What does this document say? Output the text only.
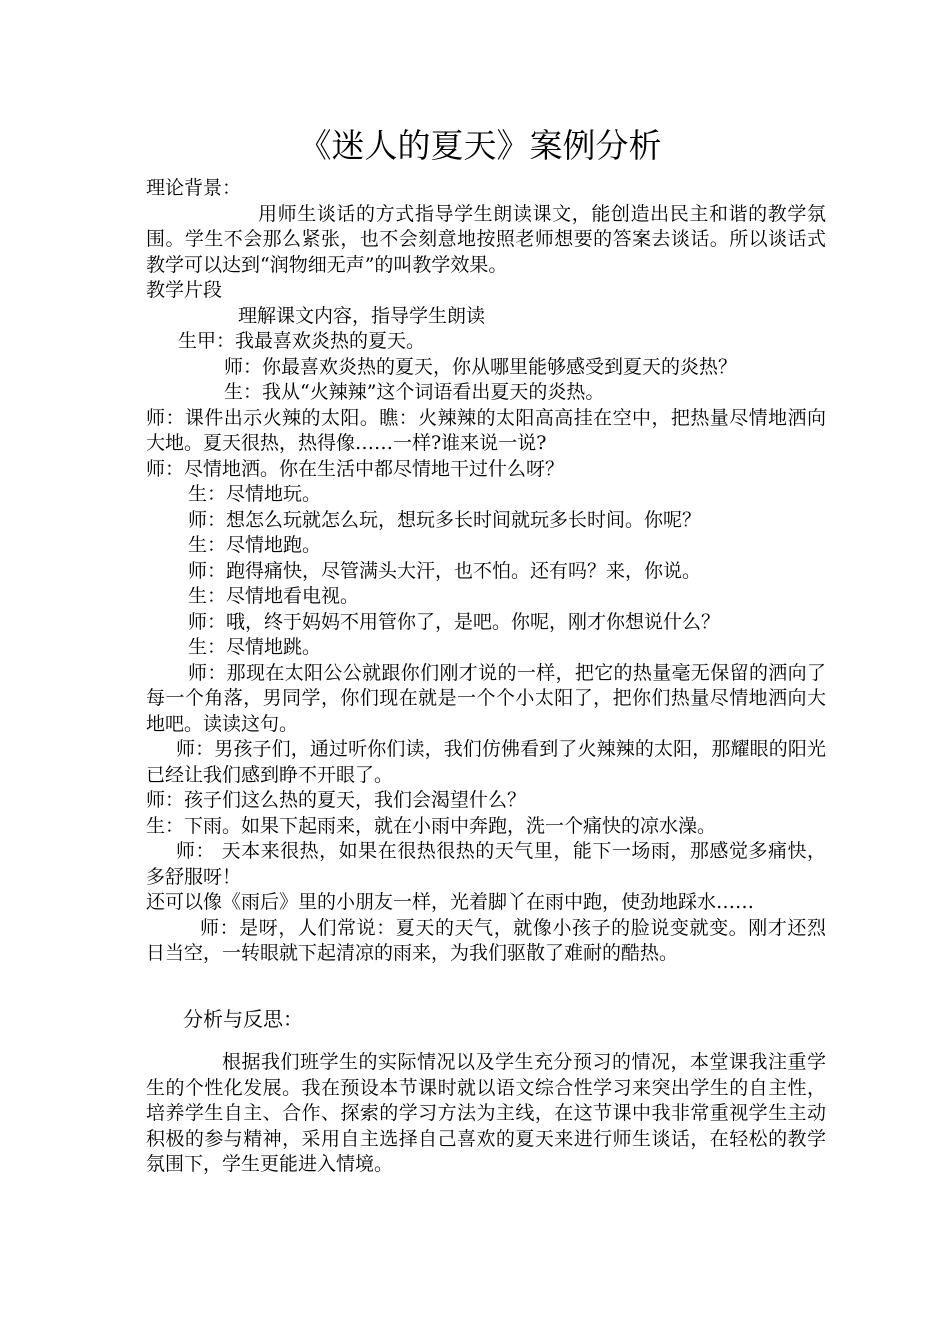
《迷人的夏天》案例分析

理论背景：

用师生谈话的方式指导学生朗读课文，能创造出民主和谐的教学氛围。学生不会那么紧张，也不会刻意地按照老师想要的答案去谈话。所以谈话式教学可以达到“润物细无声”的叫教学效果。

教学片段

理解课文内容，指导学生朗读

生甲：我最喜欢炎热的夏天。

师：你最喜欢炎热的夏天，你从哪里能够感受到夏天的炎热？

生：我从“火辣辣”这个词语看出夏天的炎热。

师：课件出示火辣的太阳。瞧：火辣辣的太阳高高挂在空中，把热量尽情地洒向大地。夏天很热，热得像……一样?谁来说一说?

师：尽情地洒。你在生活中都尽情地干过什么呀？

生：尽情地玩。

师：想怎么玩就怎么玩，想玩多长时间就玩多长时间。你呢？

生：尽情地跑。

师：跑得痛快，尽管满头大汗，也不怕。还有吗？来，你说。

生：尽情地看电视。

师：哦，终于妈妈不用管你了，是吧。你呢，刚才你想说什么？

生：尽情地跳。

师：那现在太阳公公就跟你们刚才说的一样，把它的热量毫无保留的洒向了每一个角落，男同学，你们现在就是一个个小太阳了，把你们热量尽情地洒向大地吧。读读这句。

师：男孩子们，通过听你们读，我们仿佛看到了火辣辣的太阳，那耀眼的阳光已经让我们感到睁不开眼了。

师：孩子们这么热的夏天，我们会渴望什么？

生：下雨。如果下起雨来，就在小雨中奔跑，洗一个痛快的凉水澡。

师： 天本来很热，如果在很热很热的天气里，能下一场雨，那感觉多痛快，多舒服呀！

还可以像《雨后》里的小朋友一样，光着脚丫在雨中跑，使劲地踩水……

师：是呀，人们常说：夏天的天气，就像小孩子的脸说变就变。刚才还烈日当空，一转眼就下起清凉的雨来，为我们驱散了难耐的酷热。

分析与反思：

根据我们班学生的实际情况以及学生充分预习的情况，本堂课我注重学生的个性化发展。我在预设本节课时就以语文综合性学习来突出学生的自主性，培养学生自主、合作、探索的学习方法为主线，在这节课中我非常重视学生主动积极的参与精神，采用自主选择自己喜欢的夏天来进行师生谈话，在轻松的教学氛围下，学生更能进入情境。
